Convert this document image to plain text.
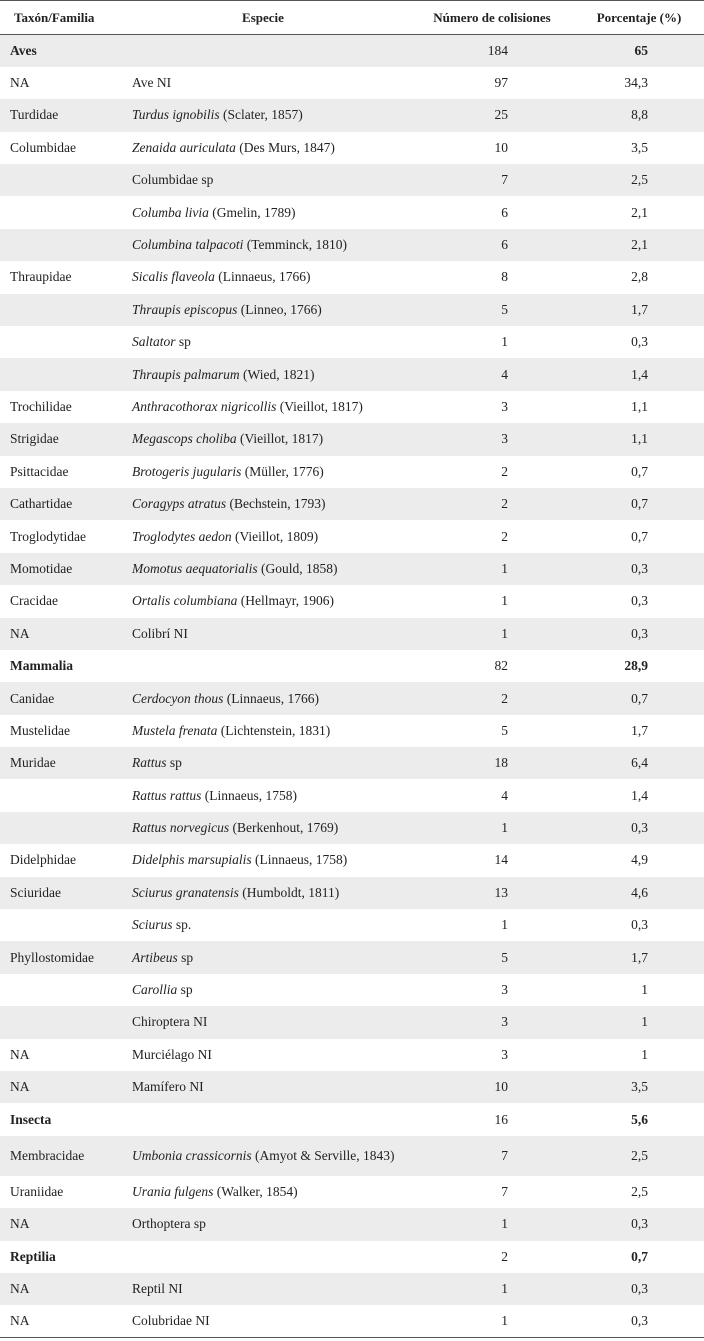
Taxón/Familia	Especie	Número de colisiones	Porcentaje (%)
Aves		184	65
NA	Ave NI	97	34,3
Turdidae	Turdus ignobilis (Sclater, 1857)	25	8,8
Columbidae	Zenaida auriculata (Des Murs, 1847)	10	3,5
	Columbidae sp	7	2,5
	Columba livia (Gmelin, 1789)	6	2,1
	Columbina talpacoti (Temminck, 1810)	6	2,1
Thraupidae	Sicalis flaveola (Linnaeus, 1766)	8	2,8
	Thraupis episcopus (Linneo, 1766)	5	1,7
	Saltator sp	1	0,3
	Thraupis palmarum (Wied, 1821)	4	1,4
Trochilidae	Anthracothorax nigricollis (Vieillot, 1817)	3	1,1
Strigidae	Megascops choliba (Vieillot, 1817)	3	1,1
Psittacidae	Brotogeris jugularis (Müller, 1776)	2	0,7
Cathartidae	Coragyps atratus (Bechstein, 1793)	2	0,7
Troglodytidae	Troglodytes aedon (Vieillot, 1809)	2	0,7
Momotidae	Momotus aequatorialis (Gould, 1858)	1	0,3
Cracidae	Ortalis columbiana (Hellmayr, 1906)	1	0,3
NA	Colibrí NI	1	0,3
Mammalia		82	28,9
Canidae	Cerdocyon thous (Linnaeus, 1766)	2	0,7
Mustelidae	Mustela frenata (Lichtenstein, 1831)	5	1,7
Muridae	Rattus sp	18	6,4
	Rattus rattus (Linnaeus, 1758)	4	1,4
	Rattus norvegicus (Berkenhout, 1769)	1	0,3
Didelphidae	Didelphis marsupialis (Linnaeus, 1758)	14	4,9
Sciuridae	Sciurus granatensis (Humboldt, 1811)	13	4,6
	Sciurus sp.	1	0,3
Phyllostomidae	Artibeus sp	5	1,7
	Carollia sp	3	1
	Chiroptera NI	3	1
NA	Murciélago NI	3	1
NA	Mamífero NI	10	3,5
Insecta		16	5,6
Membracidae	Umbonia crassicornis (Amyot & Serville, 1843)	7	2,5
Uraniidae	Urania fulgens (Walker, 1854)	7	2,5
NA	Orthoptera sp	1	0,3
Reptilia		2	0,7
NA	Reptil NI	1	0,3
NA	Colubridae NI	1	0,3
